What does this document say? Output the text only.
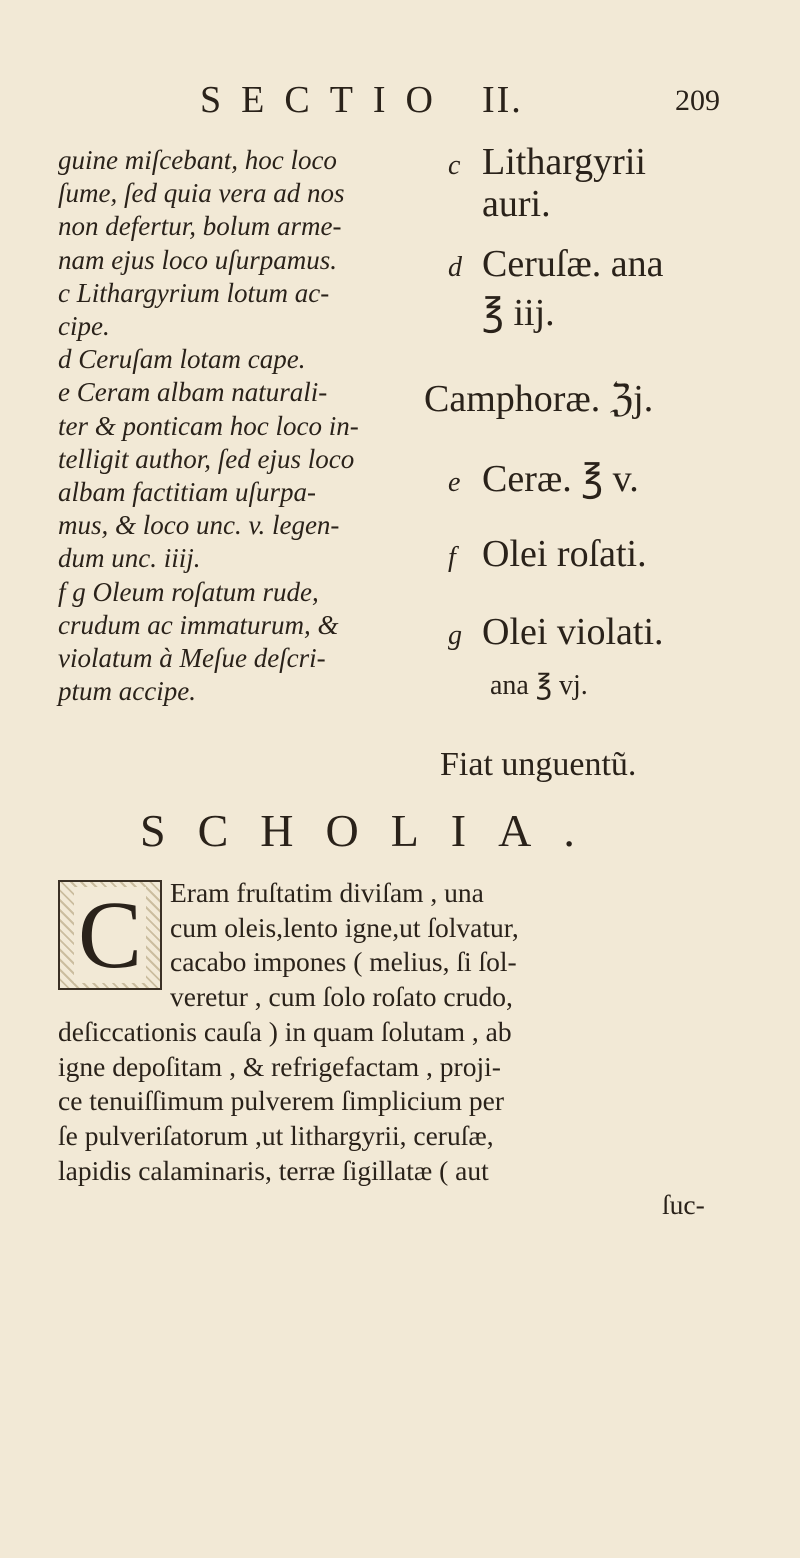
SECTIO II.	209
guine miſcebant, hoc loco
ſume, ſed quia vera ad nos
non defertur, bolum arme-
nam ejus loco uſurpamus.
c Lithargyrium lotum ac-
cipe.
d Ceruſam lotam cape.
e Ceram albam naturali-
ter & ponticam hoc loco in-
telligit author, ſed ejus loco
albam factitiam uſurpa-
mus, & loco unc. v. legen-
dum unc. iiij.
f g Oleum roſatum rude,
crudum ac immaturum, &
violatum à Meſue deſcri-
ptum accipe.
c Lithargyrii
auri.
d Ceruſæ. ana
℥ iij.
Camphoræ. ℨj.
e Ceræ. ℥ v.
f Olei roſati.
g Olei violati.
ana ℥ vj.
Fiat unguentũ.
SCHOLIA.
C Eram fruſtatim diviſam , una
cum oleis,lento igne,ut ſolvatur,
cacabo impones ( melius, ſi ſol-
veretur , cum ſolo roſato crudo,
deſiccationis cauſa ) in quam ſolutam , ab
igne depoſitam , & refrigefactam , proji-
ce tenuiſſimum pulverem ſimplicium per
ſe pulveriſatorum ,ut lithargyrii, ceruſæ,
lapidis calaminaris, terræ ſigillatæ ( aut
ſuc-
